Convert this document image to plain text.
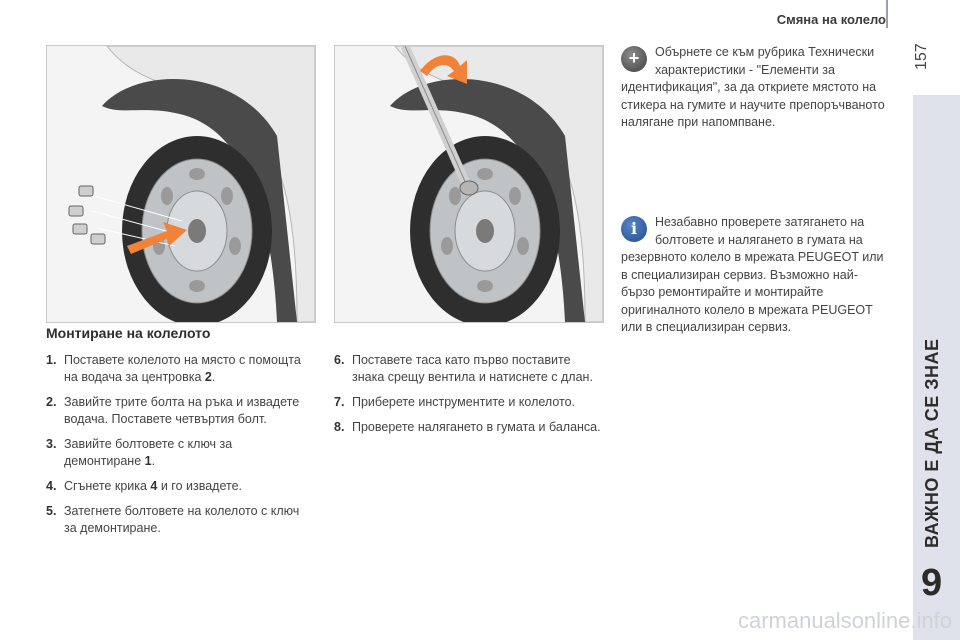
Смяна на колело
157
ВАЖНО Е ДА СЕ ЗНАЕ
9
Монтиране на колелото
1. Поставете колелото на място с помощта на водача за центровка 2.
2. Завийте трите болта на ръка и извадете водача. Поставете четвъртия болт.
3. Завийте болтовете с ключ за демонтиране 1.
4. Сгънете крика 4 и го извадете.
5. Затегнете болтовете на колелото с ключ за демонтиране.
6. Поставете таса като първо поставите знака срещу вентила и натиснете с длан.
7. Приберете инструментите и колелото.
8. Проверете налягането в гумата и баланса.
+	Обърнете се към рубрика Технически характеристики - "Елементи за идентификация", за да откриете мястото на стикера на гумите и научите препоръчваното налягане при напомпване.

i	Незабавно проверете затягането на болтовете и налягането в гумата на резервното колело в мрежата PEUGEOT или в специализиран сервиз. Възможно най-бързо ремонтирайте и монтирайте оригиналното колело в мрежата PEUGEOT или в специализиран сервиз.

carmanualsonline.info
